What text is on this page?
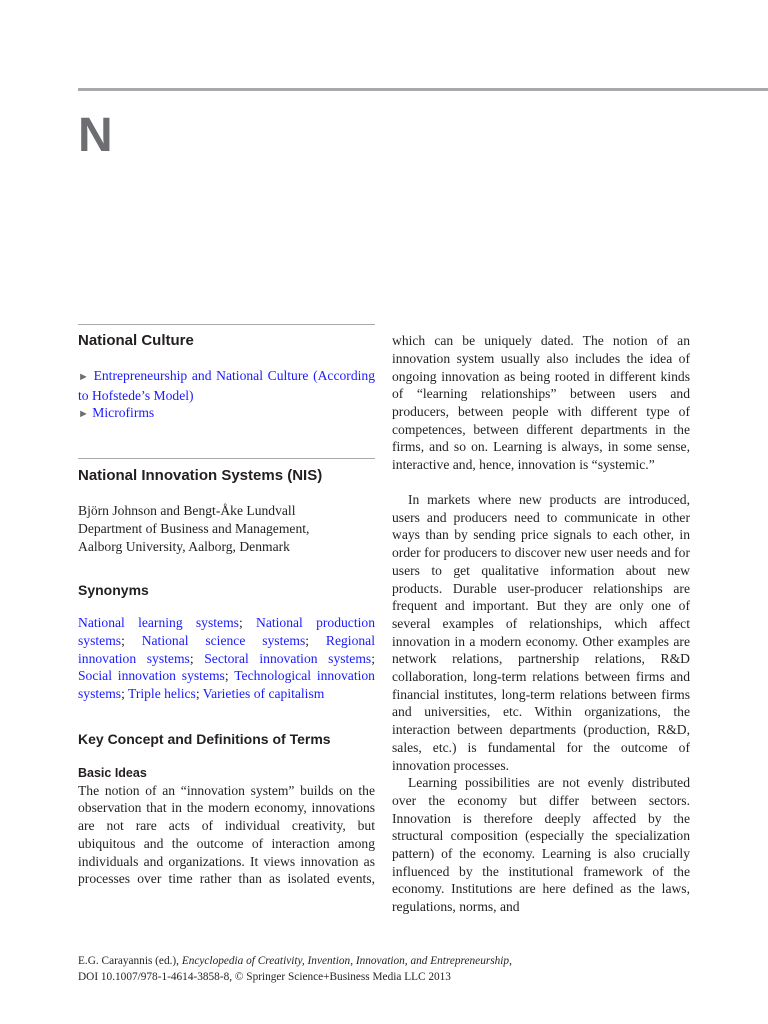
N
National Culture

► Entrepreneurship and National Culture (According to Hofstede’s Model)

► Microfirms

National Innovation Systems (NIS)

Björn Johnson and Bengt-Åke Lundvall

Department of Business and Management,

Aalborg University, Aalborg, Denmark

Synonyms

National learning systems; National production systems; National science systems; Regional innovation systems; Sectoral innovation systems; Social innovation systems; Technological innovation systems; Triple helics; Varieties of capitalism

Key Concept and Definitions of Terms
Basic Ideas

The notion of an “innovation system” builds on the observation that in the modern economy, innovations are not rare acts of individual creativity, but ubiquitous and the outcome of interaction among individuals and organizations. It views innovation as processes over time rather than as isolated events,

which can be uniquely dated. The notion of an innovation system usually also includes the idea of ongoing innovation as being rooted in different kinds of “learning relationships” between users and producers, between people with different type of competences, between different departments in the firms, and so on. Learning is always, in some sense, interactive and, hence, innovation is “systemic.”

In markets where new products are introduced, users and producers need to communicate in other ways than by sending price signals to each other, in order for producers to discover new user needs and for users to get qualitative information about new products. Durable user-producer relationships are frequent and important. But they are only one of several examples of relationships, which affect innovation in a modern economy. Other examples are network relations, partnership relations, R&D collaboration, long-term relations between firms and financial institutes, long-term relations between firms and universities, etc. Within organizations, the interaction between departments (production, R&D, sales, etc.) is fundamental for the outcome of innovation processes.

Learning possibilities are not evenly distributed over the economy but differ between sectors. Innovation is therefore deeply affected by the structural composition (especially the specialization pattern) of the economy. Learning is also crucially influenced by the institutional framework of the economy. Institutions are here defined as the laws, regulations, norms, and

E.G. Carayannis (ed.), Encyclopedia of Creativity, Invention, Innovation, and Entrepreneurship,
DOI 10.1007/978-1-4614-3858-8, © Springer Science+Business Media LLC 2013
